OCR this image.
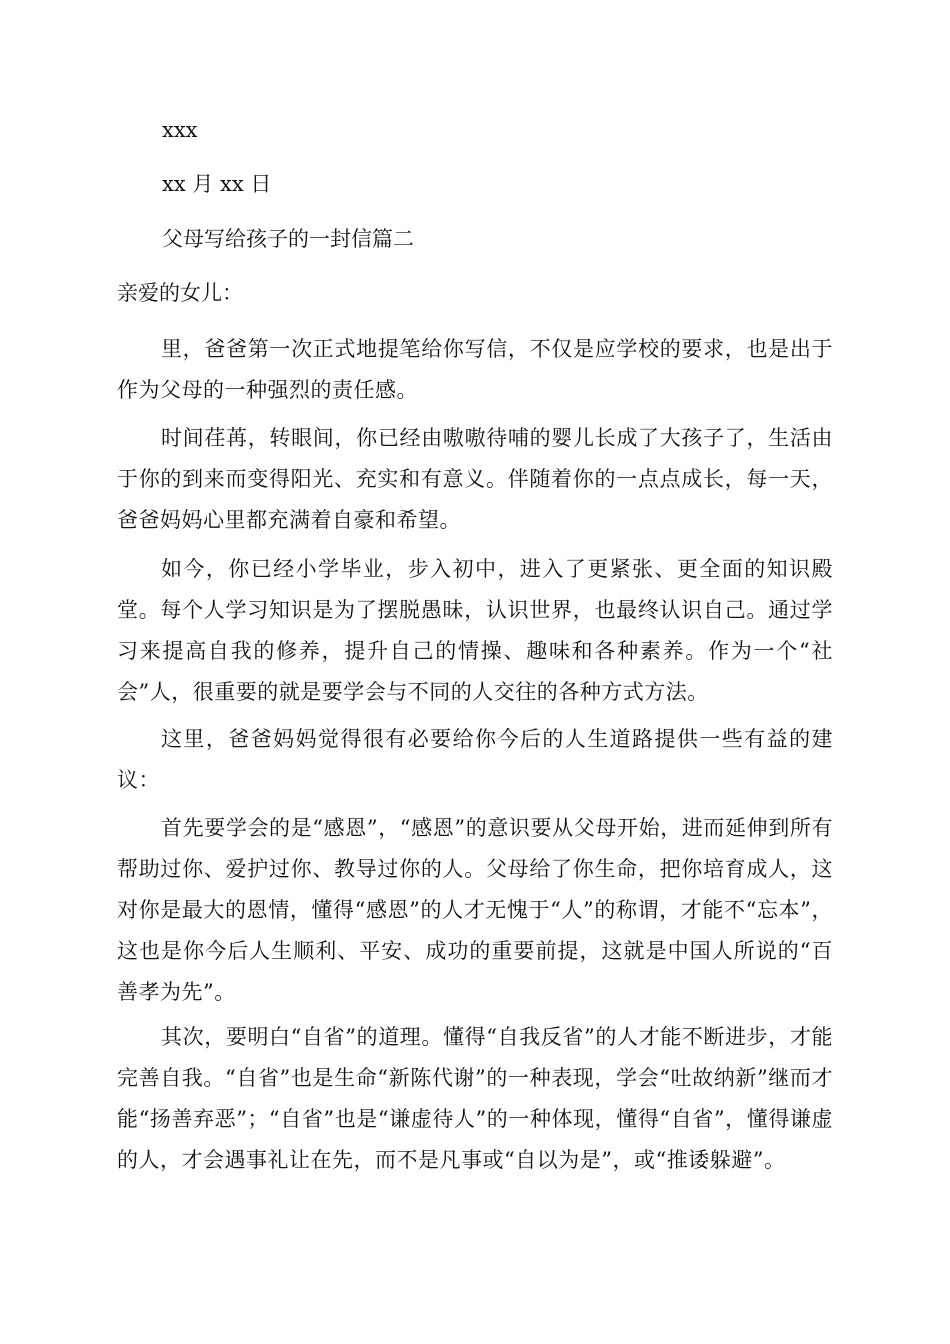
xxx
xx 月 xx 日
父母写给孩子的一封信篇二
亲爱的女儿：
里，爸爸第一次正式地提笔给你写信，不仅是应学校的要求，也是出于作为父母的一种强烈的责任感。
时间荏苒，转眼间，你已经由嗷嗷待哺的婴儿长成了大孩子了，生活由于你的到来而变得阳光、充实和有意义。伴随着你的一点点成长，每一天，爸爸妈妈心里都充满着自豪和希望。
如今，你已经小学毕业，步入初中，进入了更紧张、更全面的知识殿堂。每个人学习知识是为了摆脱愚昧，认识世界，也最终认识自己。通过学习来提高自我的修养，提升自己的情操、趣味和各种素养。作为一个“社会”人，很重要的就是要学会与不同的人交往的各种方式方法。
这里，爸爸妈妈觉得很有必要给你今后的人生道路提供一些有益的建议：
首先要学会的是“感恩”，“感恩”的意识要从父母开始，进而延伸到所有帮助过你、爱护过你、教导过你的人。父母给了你生命，把你培育成人，这对你是最大的恩情，懂得“感恩”的人才无愧于“人”的称谓，才能不“忘本”，这也是你今后人生顺利、平安、成功的重要前提，这就是中国人所说的“百善孝为先”。
其次，要明白“自省”的道理。懂得“自我反省”的人才能不断进步，才能完善自我。“自省”也是生命“新陈代谢”的一种表现，学会“吐故纳新”继而才能“扬善弃恶”；“自省”也是“谦虚待人”的一种体现，懂得“自省”，懂得谦虚的人，才会遇事礼让在先，而不是凡事或“自以为是”，或“推诿躲避”。
